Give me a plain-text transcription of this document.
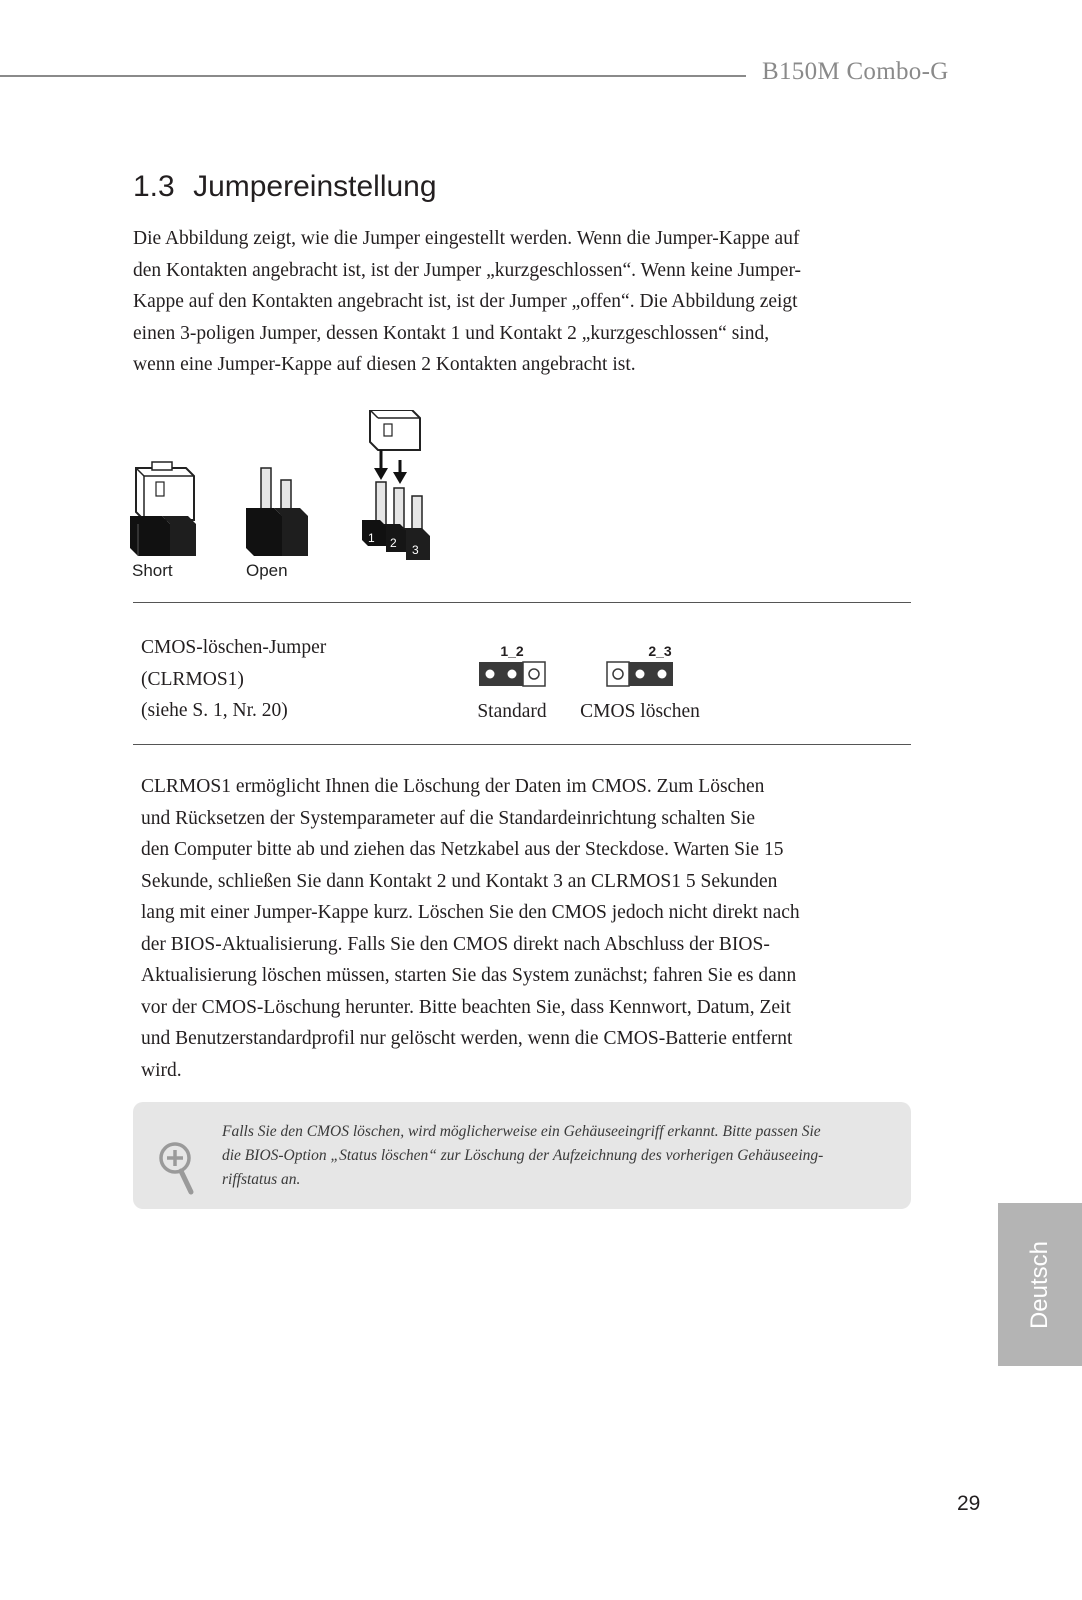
B150M Combo-G
1.3 Jumpereinstellung
Die Abbildung zeigt, wie die Jumper eingestellt werden. Wenn die Jumper-Kappe auf
den Kontakten angebracht ist, ist der Jumper „kurzgeschlossen“. Wenn keine Jumper-
Kappe auf den Kontakten angebracht ist, ist der Jumper „offen“. Die Abbildung zeigt
einen 3-poligen Jumper, dessen Kontakt 1 und Kontakt 2 „kurzgeschlossen“ sind,
wenn eine Jumper-Kappe auf diesen 2 Kontakten angebracht ist.
Short	Open
1 2 3
CMOS-löschen-Jumper
(CLRMOS1)
(siehe S. 1, Nr. 20)
1_2
Standard
2_3
CMOS löschen
CLRMOS1 ermöglicht Ihnen die Löschung der Daten im CMOS. Zum Löschen
und Rücksetzen der Systemparameter auf die Standardeinrichtung schalten Sie
den Computer bitte ab und ziehen das Netzkabel aus der Steckdose. Warten Sie 15
Sekunde, schließen Sie dann Kontakt 2 und Kontakt 3 an CLRMOS1 5 Sekunden
lang mit einer Jumper-Kappe kurz. Löschen Sie den CMOS jedoch nicht direkt nach
der BIOS-Aktualisierung. Falls Sie den CMOS direkt nach Abschluss der BIOS-
Aktualisierung löschen müssen, starten Sie das System zunächst; fahren Sie es dann
vor der CMOS-Löschung herunter. Bitte beachten Sie, dass Kennwort, Datum, Zeit
und Benutzerstandardprofil nur gelöscht werden, wenn die CMOS-Batterie entfernt
wird.
Falls Sie den CMOS löschen, wird möglicherweise ein Gehäuseeingriff erkannt. Bitte passen Sie
die BIOS-Option „Status löschen“ zur Löschung der Aufzeichnung des vorherigen Gehäuseeing-
riffstatus an.
Deutsch
29
